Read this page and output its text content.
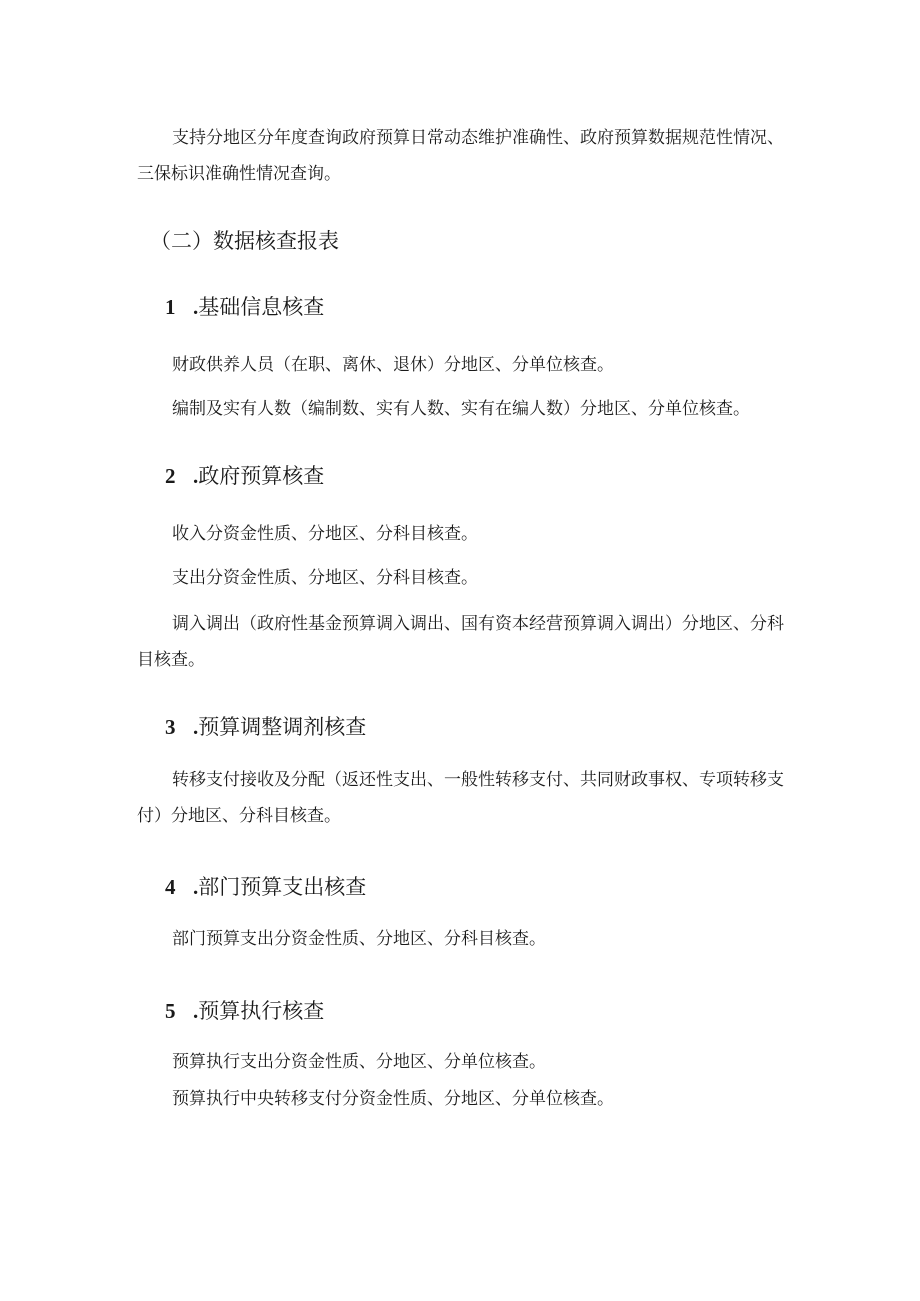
支持分地区分年度查询政府预算日常动态维护准确性、政府预算数据规范性情况、
三保标识准确性情况查询。
（二）数据核查报表
1 .基础信息核查
财政供养人员（在职、离休、退休）分地区、分单位核查。
编制及实有人数（编制数、实有人数、实有在编人数）分地区、分单位核查。
2 .政府预算核查
收入分资金性质、分地区、分科目核查。
支出分资金性质、分地区、分科目核查。
调入调出（政府性基金预算调入调出、国有资本经营预算调入调出）分地区、分科
目核查。
3 .预算调整调剂核查
转移支付接收及分配（返还性支出、一般性转移支付、共同财政事权、专项转移支
付）分地区、分科目核查。
4 .部门预算支出核查
部门预算支出分资金性质、分地区、分科目核查。
5 .预算执行核查
预算执行支出分资金性质、分地区、分单位核查。
预算执行中央转移支付分资金性质、分地区、分单位核查。
